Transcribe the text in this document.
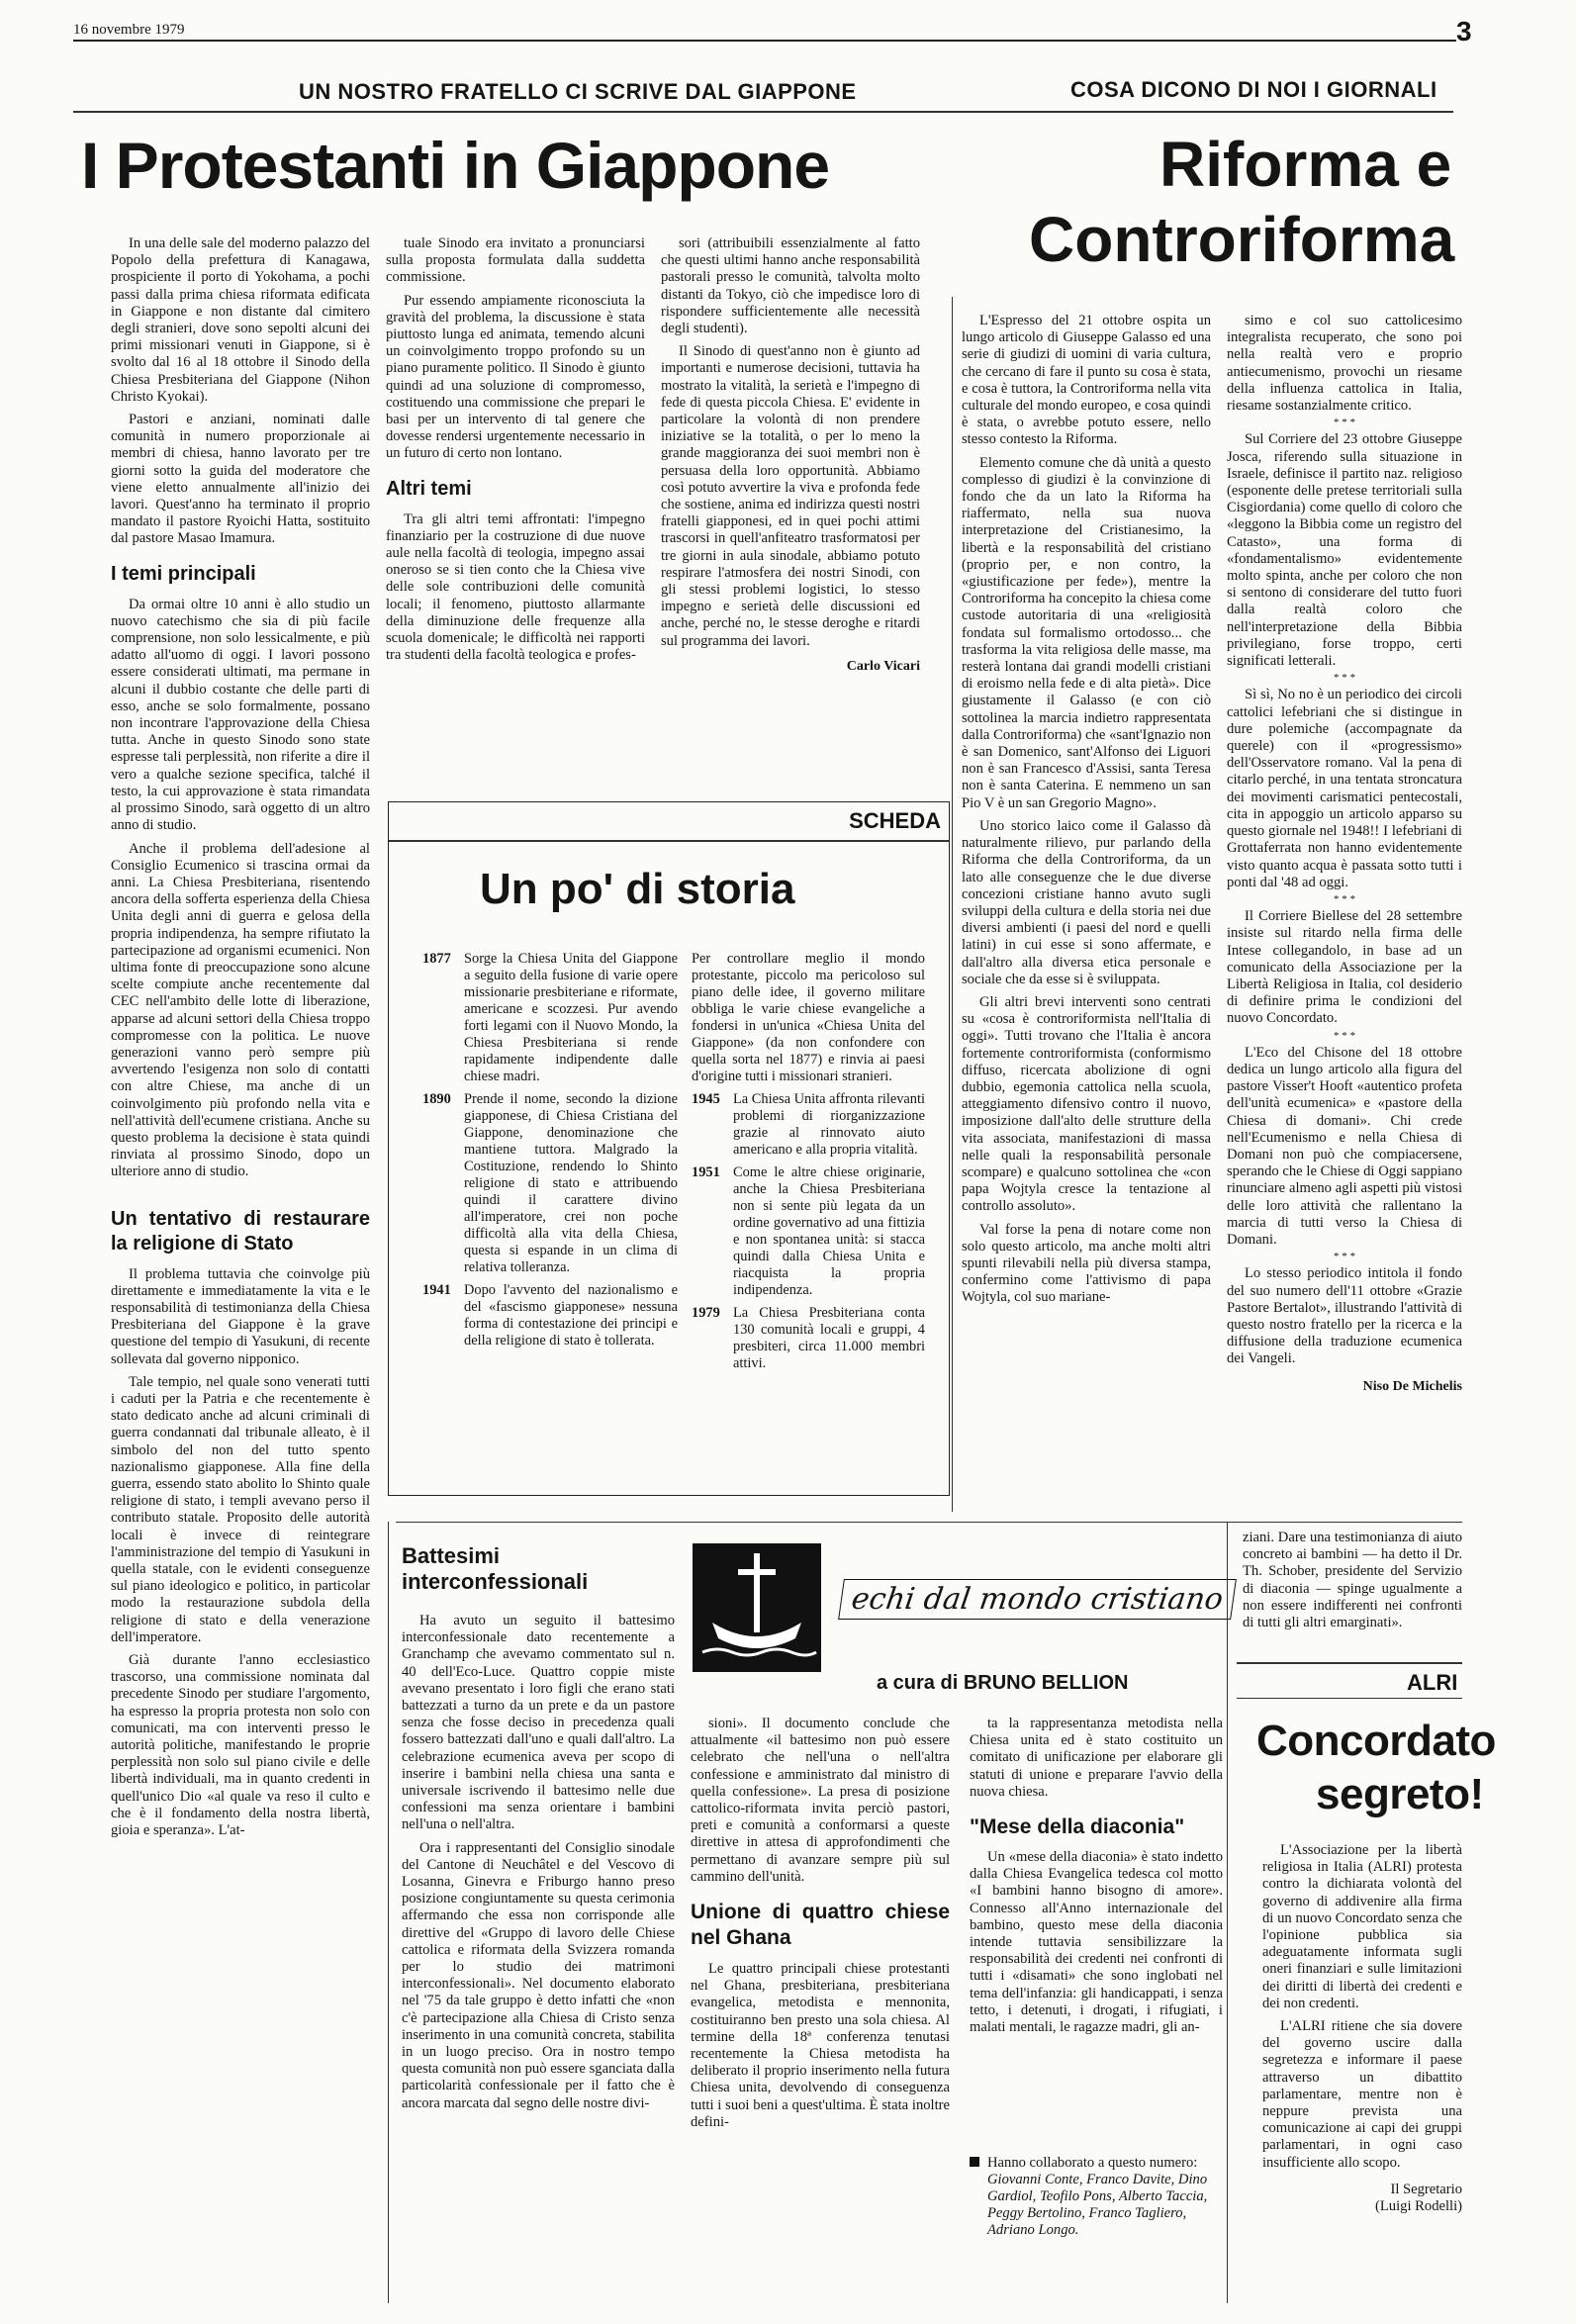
16 novembre 1979	3
UN NOSTRO FRATELLO CI SCRIVE DAL GIAPPONE
I Protestanti in Giappone

In una delle sale del moderno palazzo del Popolo della prefettura di Kanagawa, prospiciente il porto di Yokohama, a pochi passi dalla prima chiesa riformata edificata in Giappone e non distante dal cimitero degli stranieri, dove sono sepolti alcuni dei primi missionari venuti in Giappone, si è svolto dal 16 al 18 ottobre il Sinodo della Chiesa Presbiteriana del Giappone (Nihon Christo Kyokai).

Pastori e anziani, nominati dalle comunità in numero proporzionale ai membri di chiesa, hanno lavorato per tre giorni sotto la guida del moderatore che viene eletto annualmente all'inizio dei lavori. Quest'anno ha terminato il proprio mandato il pastore Ryoichi Hatta, sostituito dal pastore Masao Imamura.

I temi principali

Da ormai oltre 10 anni è allo studio un nuovo catechismo che sia di più facile comprensione, non solo lessicalmente, e più adatto all'uomo di oggi. I lavori possono essere considerati ultimati, ma permane in alcuni il dubbio costante che delle parti di esso, anche se solo formalmente, possano non incontrare l'approvazione della Chiesa tutta. Anche in questo Sinodo sono state espresse tali perplessità, non riferite a dire il vero a qualche sezione specifica, talché il testo, la cui approvazione è stata rimandata al prossimo Sinodo, sarà oggetto di un altro anno di studio.

Anche il problema dell'adesione al Consiglio Ecumenico si trascina ormai da anni. La Chiesa Presbiteriana, risentendo ancora della sofferta esperienza della Chiesa Unita degli anni di guerra e gelosa della propria indipendenza, ha sempre rifiutato la partecipazione ad organismi ecumenici. Non ultima fonte di preoccupazione sono alcune scelte compiute anche recentemente dal CEC nell'ambito delle lotte di liberazione, apparse ad alcuni settori della Chiesa troppo compromesse con la politica. Le nuove generazioni vanno però sempre più avvertendo l'esigenza non solo di contatti con altre Chiese, ma anche di un coinvolgimento più profondo nella vita e nell'attività dell'ecumene cristiana. Anche su questo problema la decisione è stata quindi rinviata al prossimo Sinodo, dopo un ulteriore anno di studio.

Un tentativo di restaurare la religione di Stato

Il problema tuttavia che coinvolge più direttamente e immediatamente la vita e le responsabilità di testimonianza della Chiesa Presbiteriana del Giappone è la grave questione del tempio di Yasukuni, di recente sollevata dal governo nipponico.

Tale tempio, nel quale sono venerati tutti i caduti per la Patria e che recentemente è stato dedicato anche ad alcuni criminali di guerra condannati dal tribunale alleato, è il simbolo del non del tutto spento nazionalismo giapponese. Alla fine della guerra, essendo stato abolito lo Shinto quale religione di stato, i templi avevano perso il contributo statale. Proposito delle autorità locali è invece di reintegrare l'amministrazione del tempio di Yasukuni in quella statale, con le evidenti conseguenze sul piano ideologico e politico, in particolar modo la restaurazione subdola della religione di stato e della venerazione dell'imperatore.

Già durante l'anno ecclesiastico trascorso, una commissione nominata dal precedente Sinodo per studiare l'argomento, ha espresso la propria protesta non solo con comunicati, ma con interventi presso le autorità politiche, manifestando le proprie perplessità non solo sul piano civile e delle libertà individuali, ma in quanto credenti in quell'unico Dio «al quale va reso il culto e che è il fondamento della nostra libertà, gioia e speranza». L'at-

tuale Sinodo era invitato a pronunciarsi sulla proposta formulata dalla suddetta commissione.

Pur essendo ampiamente riconosciuta la gravità del problema, la discussione è stata piuttosto lunga ed animata, temendo alcuni un coinvolgimento troppo profondo su un piano puramente politico. Il Sinodo è giunto quindi ad una soluzione di compromesso, costituendo una commissione che prepari le basi per un intervento di tal genere che dovesse rendersi urgentemente necessario in un futuro di certo non lontano.

Altri temi

Tra gli altri temi affrontati: l'impegno finanziario per la costruzione di due nuove aule nella facoltà di teologia, impegno assai oneroso se si tien conto che la Chiesa vive delle sole contribuzioni delle comunità locali; il fenomeno, piuttosto allarmante della diminuzione delle frequenze alla scuola domenicale; le difficoltà nei rapporti tra studenti della facoltà teologica e profes-

sori (attribuibili essenzialmente al fatto che questi ultimi hanno anche responsabilità pastorali presso le comunità, talvolta molto distanti da Tokyo, ciò che impedisce loro di rispondere sufficientemente alle necessità degli studenti).

Il Sinodo di quest'anno non è giunto ad importanti e numerose decisioni, tuttavia ha mostrato la vitalità, la serietà e l'impegno di fede di questa piccola Chiesa. E' evidente in particolare la volontà di non prendere iniziative se la totalità, o per lo meno la grande maggioranza dei suoi membri non è persuasa della loro opportunità. Abbiamo così potuto avvertire la viva e profonda fede che sostiene, anima ed indirizza questi nostri fratelli giapponesi, ed in quei pochi attimi trascorsi in quell'anfiteatro trasformatosi per tre giorni in aula sinodale, abbiamo potuto respirare l'atmosfera dei nostri Sinodi, con gli stessi problemi logistici, lo stesso impegno e serietà delle discussioni ed anche, perché no, le stesse deroghe e ritardi sul programma dei lavori.

Carlo Vicari
SCHEDA
Un po' di storia
1877 Sorge la Chiesa Unita del Giappone a seguito della fusione di varie opere missionarie presbiteriane e riformate, americane e scozzesi. Pur avendo forti legami con il Nuovo Mondo, la Chiesa Presbiteriana si rende rapidamente indipendente dalle chiese madri.
1890 Prende il nome, secondo la dizione giapponese, di Chiesa Cristiana del Giappone, denominazione che mantiene tuttora. Malgrado la Costituzione, rendendo lo Shinto religione di stato e attribuendo quindi il carattere divino all'imperatore, crei non poche difficoltà alla vita della Chiesa, questa si espande in un clima di relativa tolleranza.
1941 Dopo l'avvento del nazionalismo e del «fascismo giapponese» nessuna forma di contestazione dei principi e della religione di stato è tollerata.
Per controllare meglio il mondo protestante, piccolo ma pericoloso sul piano delle idee, il governo militare obbliga le varie chiese evangeliche a fondersi in un'unica «Chiesa Unita del Giappone» (da non confondere con quella sorta nel 1877) e rinvia ai paesi d'origine tutti i missionari stranieri.
1945 La Chiesa Unita affronta rilevanti problemi di riorganizzazione grazie al rinnovato aiuto americano e alla propria vitalità.
1951 Come le altre chiese originarie, anche la Chiesa Presbiteriana non si sente più legata da un ordine governativo ad una fittizia e non spontanea unità: si stacca quindi dalla Chiesa Unita e riacquista la propria indipendenza.
1979 La Chiesa Presbiteriana conta 130 comunità locali e gruppi, 4 presbiteri, circa 11.000 membri attivi.
COSA DICONO DI NOI I GIORNALI
Riforma e
Controriforma

L'Espresso del 21 ottobre ospita un lungo articolo di Giuseppe Galasso ed una serie di giudizi di uomini di varia cultura, che cercano di fare il punto su cosa è stata, e cosa è tuttora, la Controriforma nella vita culturale del mondo europeo, e cosa quindi è stata, o avrebbe potuto essere, nello stesso contesto la Riforma.

Elemento comune che dà unità a questo complesso di giudizi è la convinzione di fondo che da un lato la Riforma ha riaffermato, nella sua nuova interpretazione del Cristianesimo, la libertà e la responsabilità del cristiano (proprio per, e non contro, la «giustificazione per fede»), mentre la Controriforma ha concepito la chiesa come custode autoritaria di una «religiosità fondata sul formalismo ortodosso... che trasforma la vita religiosa delle masse, ma resterà lontana dai grandi modelli cristiani di eroismo nella fede e di alta pietà». Dice giustamente il Galasso (e con ciò sottolinea la marcia indietro rappresentata dalla Controriforma) che «sant'Ignazio non è san Domenico, sant'Alfonso dei Liguori non è san Francesco d'Assisi, santa Teresa non è santa Caterina. E nemmeno un san Pio V è un san Gregorio Magno».

Uno storico laico come il Galasso dà naturalmente rilievo, pur parlando della Riforma che della Controriforma, da un lato alle conseguenze che le due diverse concezioni cristiane hanno avuto sugli sviluppi della cultura e della storia nei due diversi ambienti (i paesi del nord e quelli latini) in cui esse si sono affermate, e dall'altro alla diversa etica personale e sociale che da esse si è sviluppata.

Gli altri brevi interventi sono centrati su «cosa è controriformista nell'Italia di oggi». Tutti trovano che l'Italia è ancora fortemente controriformista (conformismo diffuso, ricercata abolizione di ogni dubbio, egemonia cattolica nella scuola, atteggiamento difensivo contro il nuovo, imposizione dall'alto delle strutture della vita associata, manifestazioni di massa nelle quali la responsabilità personale scompare) e qualcuno sottolinea che «con papa Wojtyla cresce la tentazione al controllo assoluto».

Val forse la pena di notare come non solo questo articolo, ma anche molti altri spunti rilevabili nella più diversa stampa, confermino come l'attivismo di papa Wojtyla, col suo mariane-

simo e col suo cattolicesimo integralista recuperato, che sono poi nella realtà vero e proprio antiecumenismo, provochi un riesame della influenza cattolica in Italia, riesame sostanzialmente critico.

* * *

Sul Corriere del 23 ottobre Giuseppe Josca, riferendo sulla situazione in Israele, definisce il partito naz. religioso (esponente delle pretese territoriali sulla Cisgiordania) come quello di coloro che «leggono la Bibbia come un registro del Catasto», una forma di «fondamentalismo» evidentemente molto spinta, anche per coloro che non si sentono di considerare del tutto fuori dalla realtà coloro che nell'interpretazione della Bibbia privilegiano, forse troppo, certi significati letterali.

* * *

Sì sì, No no è un periodico dei circoli cattolici lefebriani che si distingue in dure polemiche (accompagnate da querele) con il «progressismo» dell'Osservatore romano. Val la pena di citarlo perché, in una tentata stroncatura dei movimenti carismatici pentecostali, cita in appoggio un articolo apparso su questo giornale nel 1948!! I lefebriani di Grottaferrata non hanno evidentemente visto quanto acqua è passata sotto tutti i ponti dal '48 ad oggi.

* * *

Il Corriere Biellese del 28 settembre insiste sul ritardo nella firma delle Intese collegandolo, in base ad un comunicato della Associazione per la Libertà Religiosa in Italia, col desiderio di definire prima le condizioni del nuovo Concordato.

* * *

L'Eco del Chisone del 18 ottobre dedica un lungo articolo alla figura del pastore Visser't Hooft «autentico profeta dell'unità ecumenica» e «pastore della Chiesa di domani». Chi crede nell'Ecumenismo e nella Chiesa di Domani non può che compiacersene, sperando che le Chiese di Oggi sappiano rinunciare almeno agli aspetti più vistosi delle loro attività che rallentano la marcia di tutti verso la Chiesa di Domani.

* * *

Lo stesso periodico intitola il fondo del suo numero dell'11 ottobre «Grazie Pastore Bertalot», illustrando l'attività di questo nostro fratello per la ricerca e la diffusione della traduzione ecumenica dei Vangeli.

Niso De Michelis
Battesimi interconfessionali

Ha avuto un seguito il battesimo interconfessionale dato recentemente a Granchamp che avevamo commentato sul n. 40 dell'Eco-Luce. Quattro coppie miste avevano presentato i loro figli che erano stati battezzati a turno da un prete e da un pastore senza che fosse deciso in precedenza quali fossero battezzati dall'uno e quali dall'altro. La celebrazione ecumenica aveva per scopo di inserire i bambini nella chiesa una santa e universale iscrivendo il battesimo nelle due confessioni ma senza orientare i bambini nell'una o nell'altra.

Ora i rappresentanti del Consiglio sinodale del Cantone di Neuchâtel e del Vescovo di Losanna, Ginevra e Friburgo hanno preso posizione congiuntamente su questa cerimonia affermando che essa non corrisponde alle direttive del «Gruppo di lavoro delle Chiese cattolica e riformata della Svizzera romanda per lo studio dei matrimoni interconfessionali». Nel documento elaborato nel '75 da tale gruppo è detto infatti che «non c'è partecipazione alla Chiesa di Cristo senza inserimento in una comunità concreta, stabilita in un luogo preciso. Ora in nostro tempo questa comunità non può essere sganciata dalla particolarità confessionale per il fatto che è ancora marcata dal segno delle nostre divi-

echi dal mondo cristiano
a cura di BRUNO BELLION

sioni». Il documento conclude che attualmente «il battesimo non può essere celebrato che nell'una o nell'altra confessione e amministrato dal ministro di quella confessione». La presa di posizione cattolico-riformata invita perciò pastori, preti e comunità a conformarsi a queste direttive in attesa di approfondimenti che permettano di avanzare sempre più sul cammino dell'unità.

Unione di quattro chiese nel Ghana

Le quattro principali chiese protestanti nel Ghana, presbiteriana, presbiteriana evangelica, metodista e mennonita, costituiranno ben presto una sola chiesa. Al termine della 18ª conferenza tenutasi recentemente la Chiesa metodista ha deliberato il proprio inserimento nella futura Chiesa unita, devolvendo di conseguenza tutti i suoi beni a quest'ultima. È stata inoltre defini-

ta la rappresentanza metodista nella Chiesa unita ed è stato costituito un comitato di unificazione per elaborare gli statuti di unione e preparare l'avvio della nuova chiesa.

"Mese della diaconia"

Un «mese della diaconia» è stato indetto dalla Chiesa Evangelica tedesca col motto «I bambini hanno bisogno di amore». Connesso all'Anno internazionale del bambino, questo mese della diaconia intende tuttavia sensibilizzare la responsabilità dei credenti nei confronti di tutti i «disamati» che sono inglobati nel tema dell'infanzia: gli handicappati, i senza tetto, i detenuti, i drogati, i rifugiati, i malati mentali, le ragazze madri, gli an-

Hanno collaborato a questo numero:
Giovanni Conte, Franco Davite, Dino Gardiol, Teofilo Pons, Alberto Taccia, Peggy Bertolino, Franco Tagliero, Adriano Longo.

ziani. Dare una testimonianza di aiuto concreto ai bambini — ha detto il Dr. Th. Schober, presidente del Servizio di diaconia — spinge ugualmente a non essere indifferenti nei confronti di tutti gli altri emarginati».

ALRI
Concordato
segreto!

L'Associazione per la libertà religiosa in Italia (ALRI) protesta contro la dichiarata volontà del governo di addivenire alla firma di un nuovo Concordato senza che l'opinione pubblica sia adeguatamente informata sugli oneri finanziari e sulle limitazioni dei diritti di libertà dei credenti e dei non credenti.

L'ALRI ritiene che sia dovere del governo uscire dalla segretezza e informare il paese attraverso un dibattito parlamentare, mentre non è neppure prevista una comunicazione ai capi dei gruppi parlamentari, in ogni caso insufficiente allo scopo.

Il Segretario
(Luigi Rodelli)
